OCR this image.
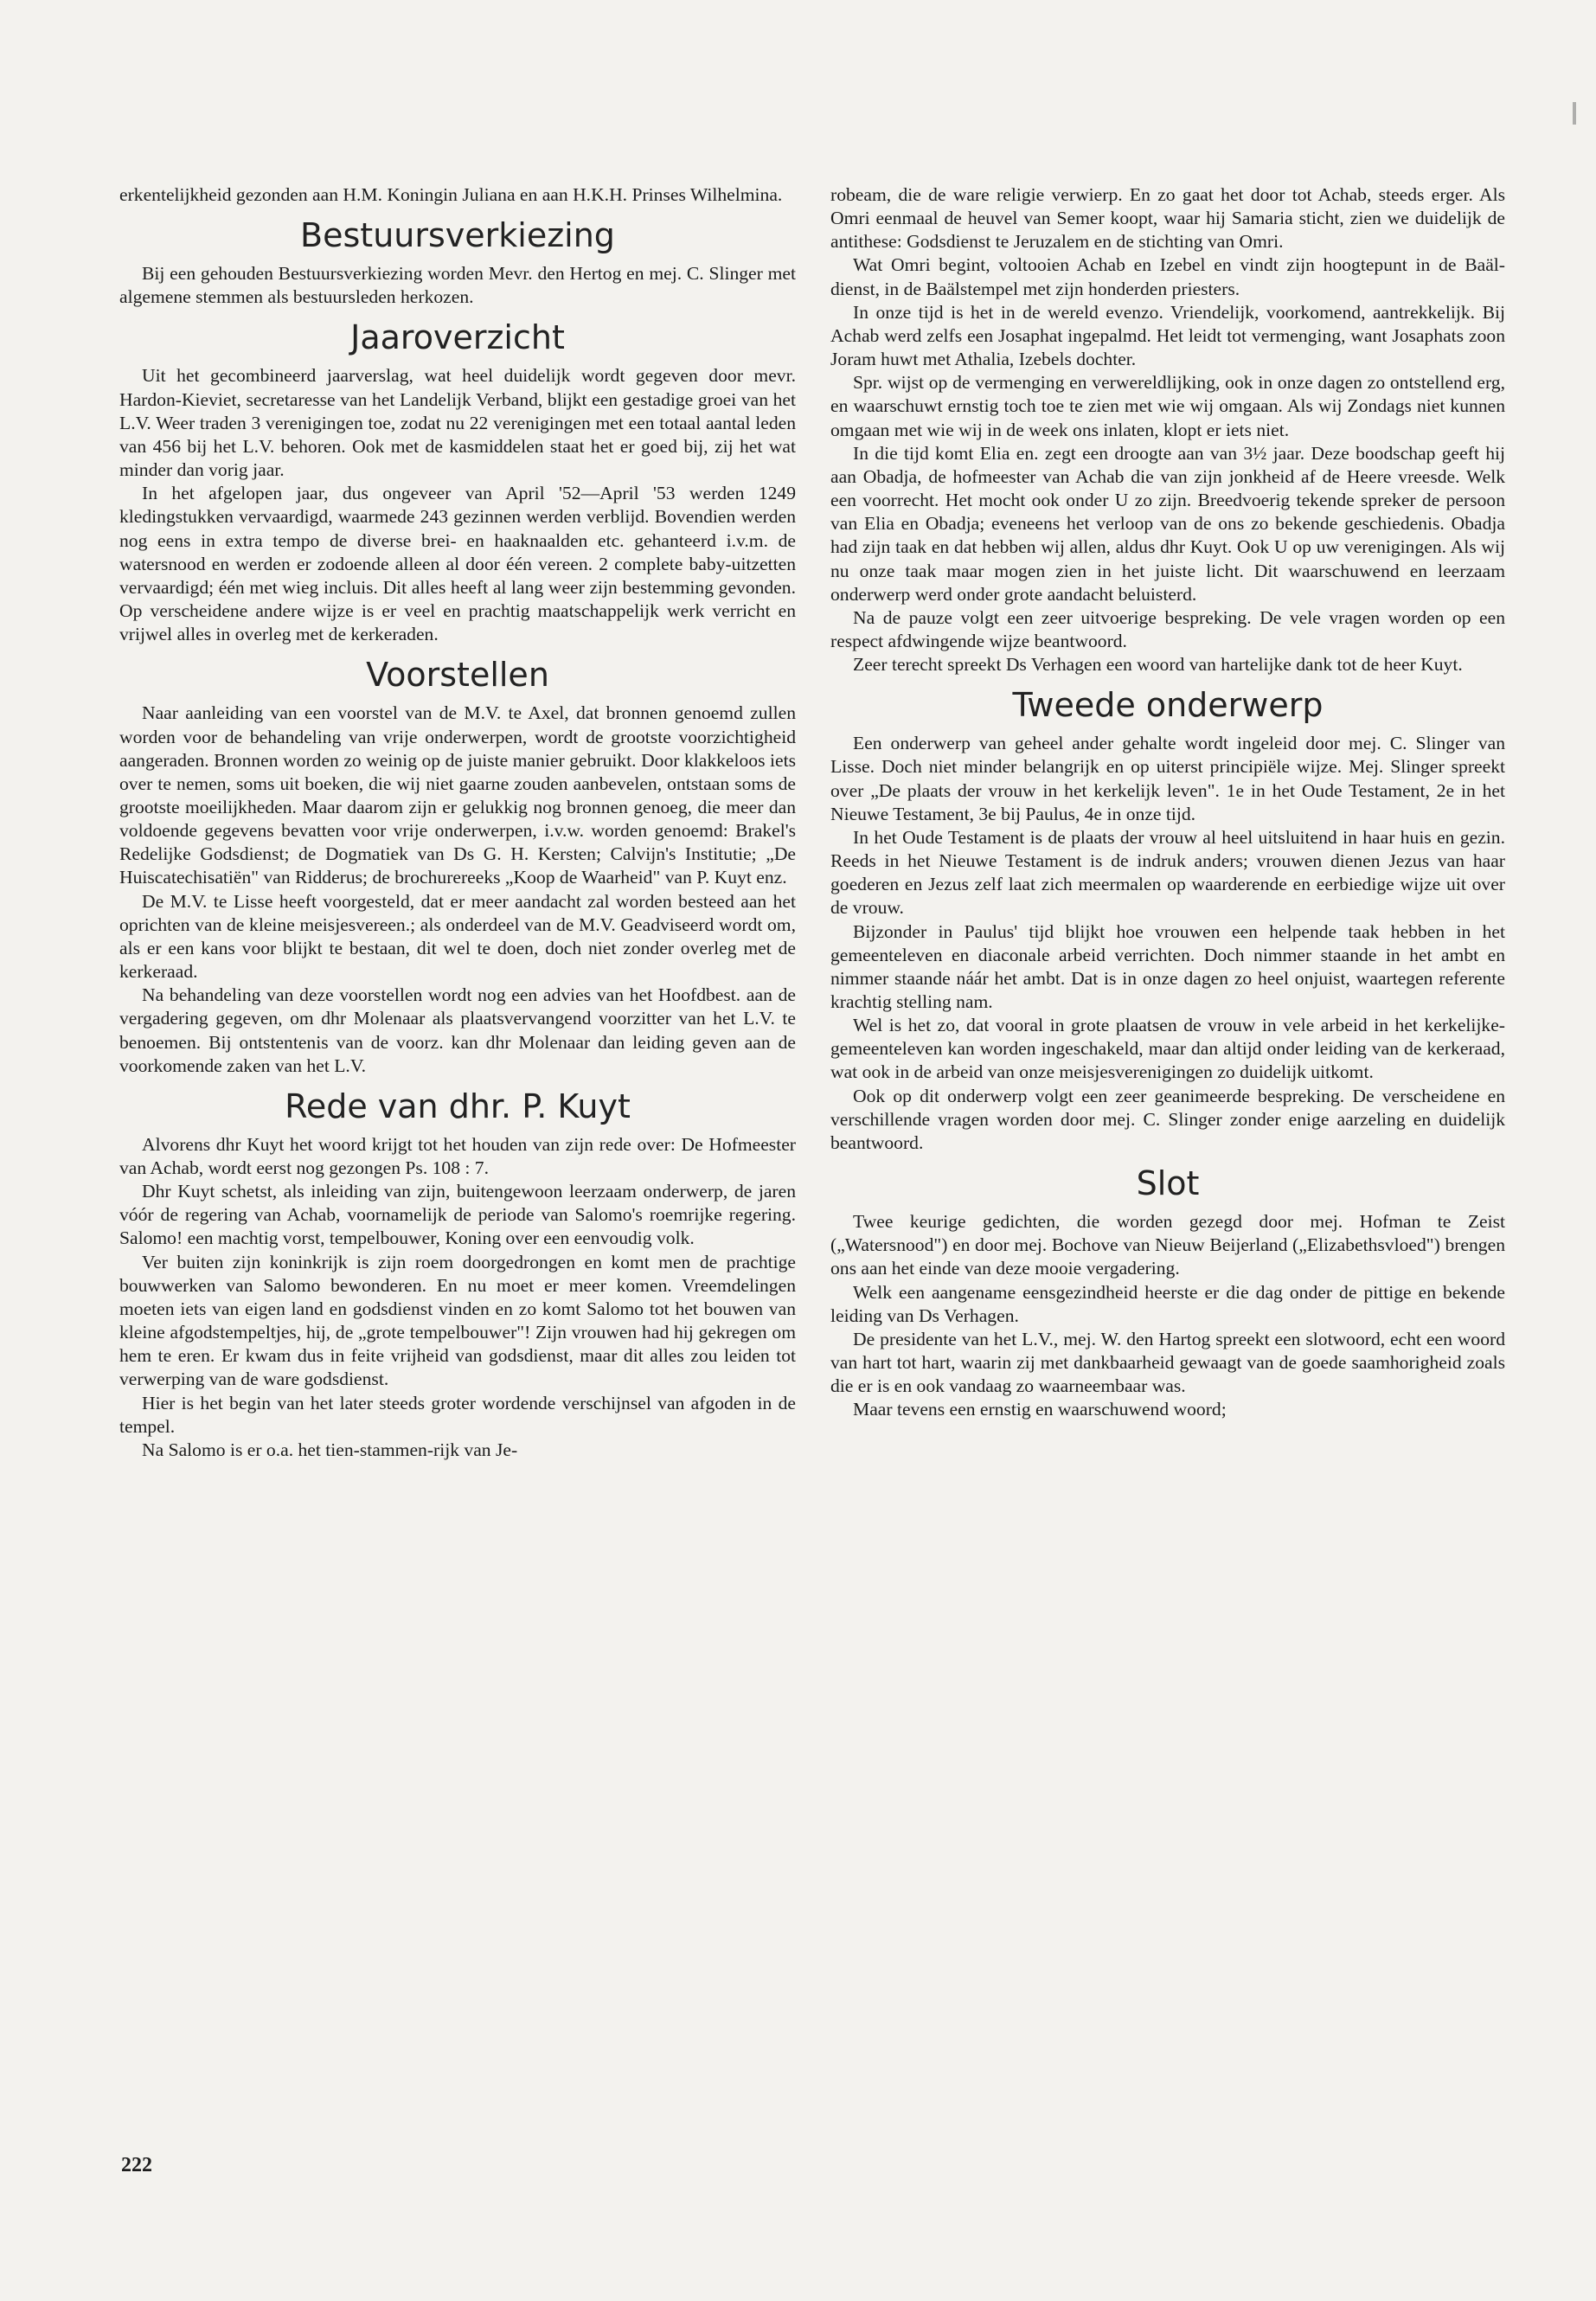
erkentelijkheid gezonden aan H.M. Koningin Juliana en aan H.K.H. Prinses Wilhelmina.

Bestuursverkiezing

Bij een gehouden Bestuursverkiezing worden Mevr. den Hertog en mej. C. Slinger met algemene stemmen als bestuursleden herkozen.

Jaaroverzicht

Uit het gecombineerd jaarverslag, wat heel duidelijk wordt gegeven door mevr. Hardon-Kieviet, secretaresse van het Landelijk Verband, blijkt een gestadige groei van het L.V. Weer traden 3 verenigingen toe, zodat nu 22 verenigingen met een totaal aantal leden van 456 bij het L.V. behoren. Ook met de kasmiddelen staat het er goed bij, zij het wat minder dan vorig jaar.

In het afgelopen jaar, dus ongeveer van April '52—April '53 werden 1249 kledingstukken vervaardigd, waarmede 243 gezinnen werden verblijd. Bovendien werden nog eens in extra tempo de diverse brei- en haaknaalden etc. gehanteerd i.v.m. de watersnood en werden er zodoende alleen al door één vereen. 2 complete baby-uitzetten vervaardigd; één met wieg incluis. Dit alles heeft al lang weer zijn bestemming gevonden. Op verscheidene andere wijze is er veel en prachtig maatschappelijk werk verricht en vrijwel alles in overleg met de kerkeraden.

Voorstellen

Naar aanleiding van een voorstel van de M.V. te Axel, dat bronnen genoemd zullen worden voor de behandeling van vrije onderwerpen, wordt de grootste voorzichtigheid aangeraden. Bronnen worden zo weinig op de juiste manier gebruikt. Door klakkeloos iets over te nemen, soms uit boeken, die wij niet gaarne zouden aanbevelen, ontstaan soms de grootste moeilijkheden. Maar daarom zijn er gelukkig nog bronnen genoeg, die meer dan voldoende gegevens bevatten voor vrije onderwerpen, i.v.w. worden genoemd: Brakel's Redelijke Godsdienst; de Dogmatiek van Ds G. H. Kersten; Calvijn's Institutie; „De Huiscatechisatiën" van Ridderus; de brochurereeks „Koop de Waarheid" van P. Kuyt enz.

De M.V. te Lisse heeft voorgesteld, dat er meer aandacht zal worden besteed aan het oprichten van de kleine meisjesvereen.; als onderdeel van de M.V. Geadviseerd wordt om, als er een kans voor blijkt te bestaan, dit wel te doen, doch niet zonder overleg met de kerkeraad.

Na behandeling van deze voorstellen wordt nog een advies van het Hoofdbest. aan de vergadering gegeven, om dhr Molenaar als plaatsvervangend voorzitter van het L.V. te benoemen. Bij ontstentenis van de voorz. kan dhr Molenaar dan leiding geven aan de voorkomende zaken van het L.V.

Rede van dhr. P. Kuyt

Alvorens dhr Kuyt het woord krijgt tot het houden van zijn rede over: De Hofmeester van Achab, wordt eerst nog gezongen Ps. 108 : 7.

Dhr Kuyt schetst, als inleiding van zijn, buitengewoon leerzaam onderwerp, de jaren vóór de regering van Achab, voornamelijk de periode van Salomo's roemrijke regering. Salomo! een machtig vorst, tempelbouwer, Koning over een eenvoudig volk.

Ver buiten zijn koninkrijk is zijn roem doorgedrongen en komt men de prachtige bouwwerken van Salomo bewonderen. En nu moet er meer komen. Vreemdelingen moeten iets van eigen land en godsdienst vinden en zo komt Salomo tot het bouwen van kleine afgodstempeltjes, hij, de „grote tempelbouwer"! Zijn vrouwen had hij gekregen om hem te eren. Er kwam dus in feite vrijheid van godsdienst, maar dit alles zou leiden tot verwerping van de ware godsdienst.

Hier is het begin van het later steeds groter wordende verschijnsel van afgoden in de tempel.

Na Salomo is er o.a. het tien-stammen-rijk van Je-

robeam, die de ware religie verwierp. En zo gaat het door tot Achab, steeds erger. Als Omri eenmaal de heuvel van Semer koopt, waar hij Samaria sticht, zien we duidelijk de antithese: Godsdienst te Jeruzalem en de stichting van Omri.

Wat Omri begint, voltooien Achab en Izebel en vindt zijn hoogtepunt in de Baäl-dienst, in de Baälstempel met zijn honderden priesters.

In onze tijd is het in de wereld evenzo. Vriendelijk, voorkomend, aantrekkelijk. Bij Achab werd zelfs een Josaphat ingepalmd. Het leidt tot vermenging, want Josaphats zoon Joram huwt met Athalia, Izebels dochter.

Spr. wijst op de vermenging en verwereldlijking, ook in onze dagen zo ontstellend erg, en waarschuwt ernstig toch toe te zien met wie wij omgaan. Als wij Zondags niet kunnen omgaan met wie wij in de week ons inlaten, klopt er iets niet.

In die tijd komt Elia en. zegt een droogte aan van 3½ jaar. Deze boodschap geeft hij aan Obadja, de hofmeester van Achab die van zijn jonkheid af de Heere vreesde. Welk een voorrecht. Het mocht ook onder U zo zijn. Breedvoerig tekende spreker de persoon van Elia en Obadja; eveneens het verloop van de ons zo bekende geschiedenis. Obadja had zijn taak en dat hebben wij allen, aldus dhr Kuyt. Ook U op uw verenigingen. Als wij nu onze taak maar mogen zien in het juiste licht. Dit waarschuwend en leerzaam onderwerp werd onder grote aandacht beluisterd.

Na de pauze volgt een zeer uitvoerige bespreking. De vele vragen worden op een respect afdwingende wijze beantwoord.

Zeer terecht spreekt Ds Verhagen een woord van hartelijke dank tot de heer Kuyt.

Tweede onderwerp

Een onderwerp van geheel ander gehalte wordt ingeleid door mej. C. Slinger van Lisse. Doch niet minder belangrijk en op uiterst principiële wijze. Mej. Slinger spreekt over „De plaats der vrouw in het kerkelijk leven". 1e in het Oude Testament, 2e in het Nieuwe Testament, 3e bij Paulus, 4e in onze tijd.

In het Oude Testament is de plaats der vrouw al heel uitsluitend in haar huis en gezin. Reeds in het Nieuwe Testament is de indruk anders; vrouwen dienen Jezus van haar goederen en Jezus zelf laat zich meermalen op waarderende en eerbiedige wijze uit over de vrouw.

Bijzonder in Paulus' tijd blijkt hoe vrouwen een helpende taak hebben in het gemeenteleven en diaconale arbeid verrichten. Doch nimmer staande in het ambt en nimmer staande náár het ambt. Dat is in onze dagen zo heel onjuist, waartegen referente krachtig stelling nam.

Wel is het zo, dat vooral in grote plaatsen de vrouw in vele arbeid in het kerkelijke-gemeenteleven kan worden ingeschakeld, maar dan altijd onder leiding van de kerkeraad, wat ook in de arbeid van onze meisjesverenigingen zo duidelijk uitkomt.

Ook op dit onderwerp volgt een zeer geanimeerde bespreking. De verscheidene en verschillende vragen worden door mej. C. Slinger zonder enige aarzeling en duidelijk beantwoord.

Slot

Twee keurige gedichten, die worden gezegd door mej. Hofman te Zeist („Watersnood") en door mej. Bochove van Nieuw Beijerland („Elizabethsvloed") brengen ons aan het einde van deze mooie vergadering.

Welk een aangename eensgezindheid heerste er die dag onder de pittige en bekende leiding van Ds Verhagen.

De presidente van het L.V., mej. W. den Hartog spreekt een slotwoord, echt een woord van hart tot hart, waarin zij met dankbaarheid gewaagt van de goede saamhorigheid zoals die er is en ook vandaag zo waarneembaar was.

Maar tevens een ernstig en waarschuwend woord;

222
